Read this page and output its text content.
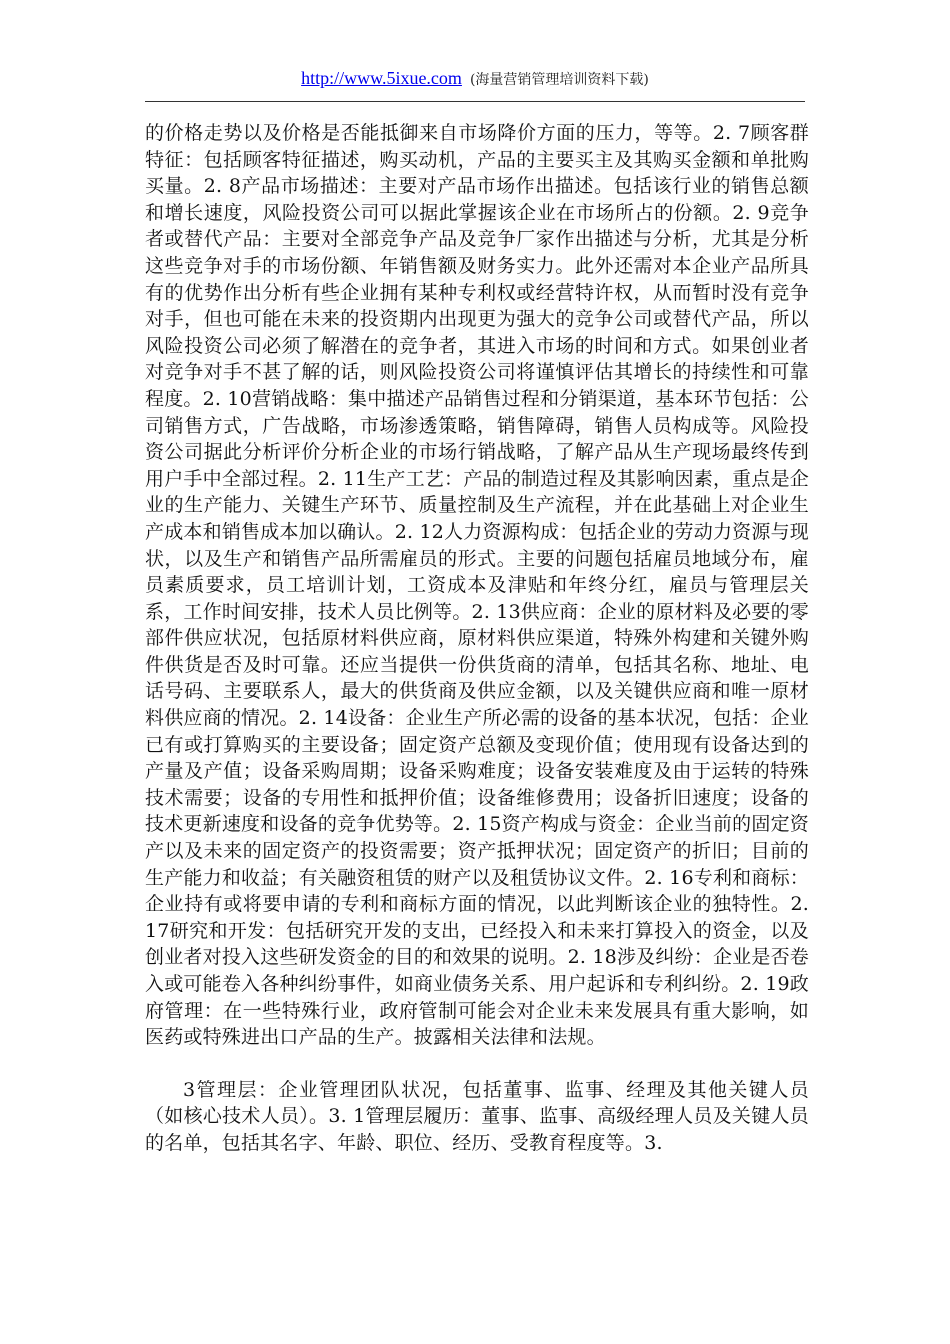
http://www.5ixue.com (海量营销管理培训资料下载)

的价格走势以及价格是否能抵御来自市场降价方面的压力，等等。2. 7顾客群特征：包括顾客特征描述，购买动机，产品的主要买主及其购买金额和单批购买量。2. 8产品市场描述：主要对产品市场作出描述。包括该行业的销售总额和增长速度，风险投资公司可以据此掌握该企业在市场所占的份额。2. 9竞争者或替代产品：主要对全部竞争产品及竞争厂家作出描述与分析，尤其是分析这些竞争对手的市场份额、年销售额及财务实力。此外还需对本企业产品所具有的优势作出分析有些企业拥有某种专利权或经营特许权，从而暂时没有竞争对手，但也可能在未来的投资期内出现更为强大的竞争公司或替代产品，所以风险投资公司必须了解潜在的竞争者，其进入市场的时间和方式。如果创业者对竞争对手不甚了解的话，则风险投资公司将谨慎评估其增长的持续性和可靠程度。2. 10营销战略：集中描述产品销售过程和分销渠道，基本环节包括：公司销售方式，广告战略，市场渗透策略，销售障碍，销售人员构成等。风险投资公司据此分析评价分析企业的市场行销战略，了解产品从生产现场最终传到用户手中全部过程。2. 11生产工艺：产品的制造过程及其影响因素，重点是企业的生产能力、关键生产环节、质量控制及生产流程，并在此基础上对企业生产成本和销售成本加以确认。2. 12人力资源构成：包括企业的劳动力资源与现状，以及生产和销售产品所需雇员的形式。主要的问题包括雇员地域分布，雇员素质要求，员工培训计划，工资成本及津贴和年终分红，雇员与管理层关系，工作时间安排，技术人员比例等。2. 13供应商：企业的原材料及必要的零部件供应状况，包括原材料供应商，原材料供应渠道，特殊外构建和关键外购件供货是否及时可靠。还应当提供一份供货商的清单，包括其名称、地址、电话号码、主要联系人，最大的供货商及供应金额，以及关键供应商和唯一原材料供应商的情况。2. 14设备：企业生产所必需的设备的基本状况，包括：企业已有或打算购买的主要设备；固定资产总额及变现价值；使用现有设备达到的产量及产值；设备采购周期；设备采购难度；设备安装难度及由于运转的特殊技术需要；设备的专用性和抵押价值；设备维修费用；设备折旧速度；设备的技术更新速度和设备的竞争优势等。2. 15资产构成与资金：企业当前的固定资产以及未来的固定资产的投资需要；资产抵押状况；固定资产的折旧；目前的生产能力和收益；有关融资租赁的财产以及租赁协议文件。2. 16专利和商标：企业持有或将要申请的专利和商标方面的情况，以此判断该企业的独特性。2. 17研究和开发：包括研究开发的支出，已经投入和未来打算投入的资金，以及创业者对投入这些研发资金的目的和效果的说明。2. 18涉及纠纷：企业是否卷入或可能卷入各种纠纷事件，如商业债务关系、用户起诉和专利纠纷。2. 19政府管理：在一些特殊行业，政府管制可能会对企业未来发展具有重大影响，如医药或特殊进出口产品的生产。披露相关法律和法规。

3管理层：企业管理团队状况，包括董事、监事、经理及其他关键人员（如核心技术人员）。3. 1管理层履历：董事、监事、高级经理人员及关键人员的名单，包括其名字、年龄、职位、经历、受教育程度等。3.
